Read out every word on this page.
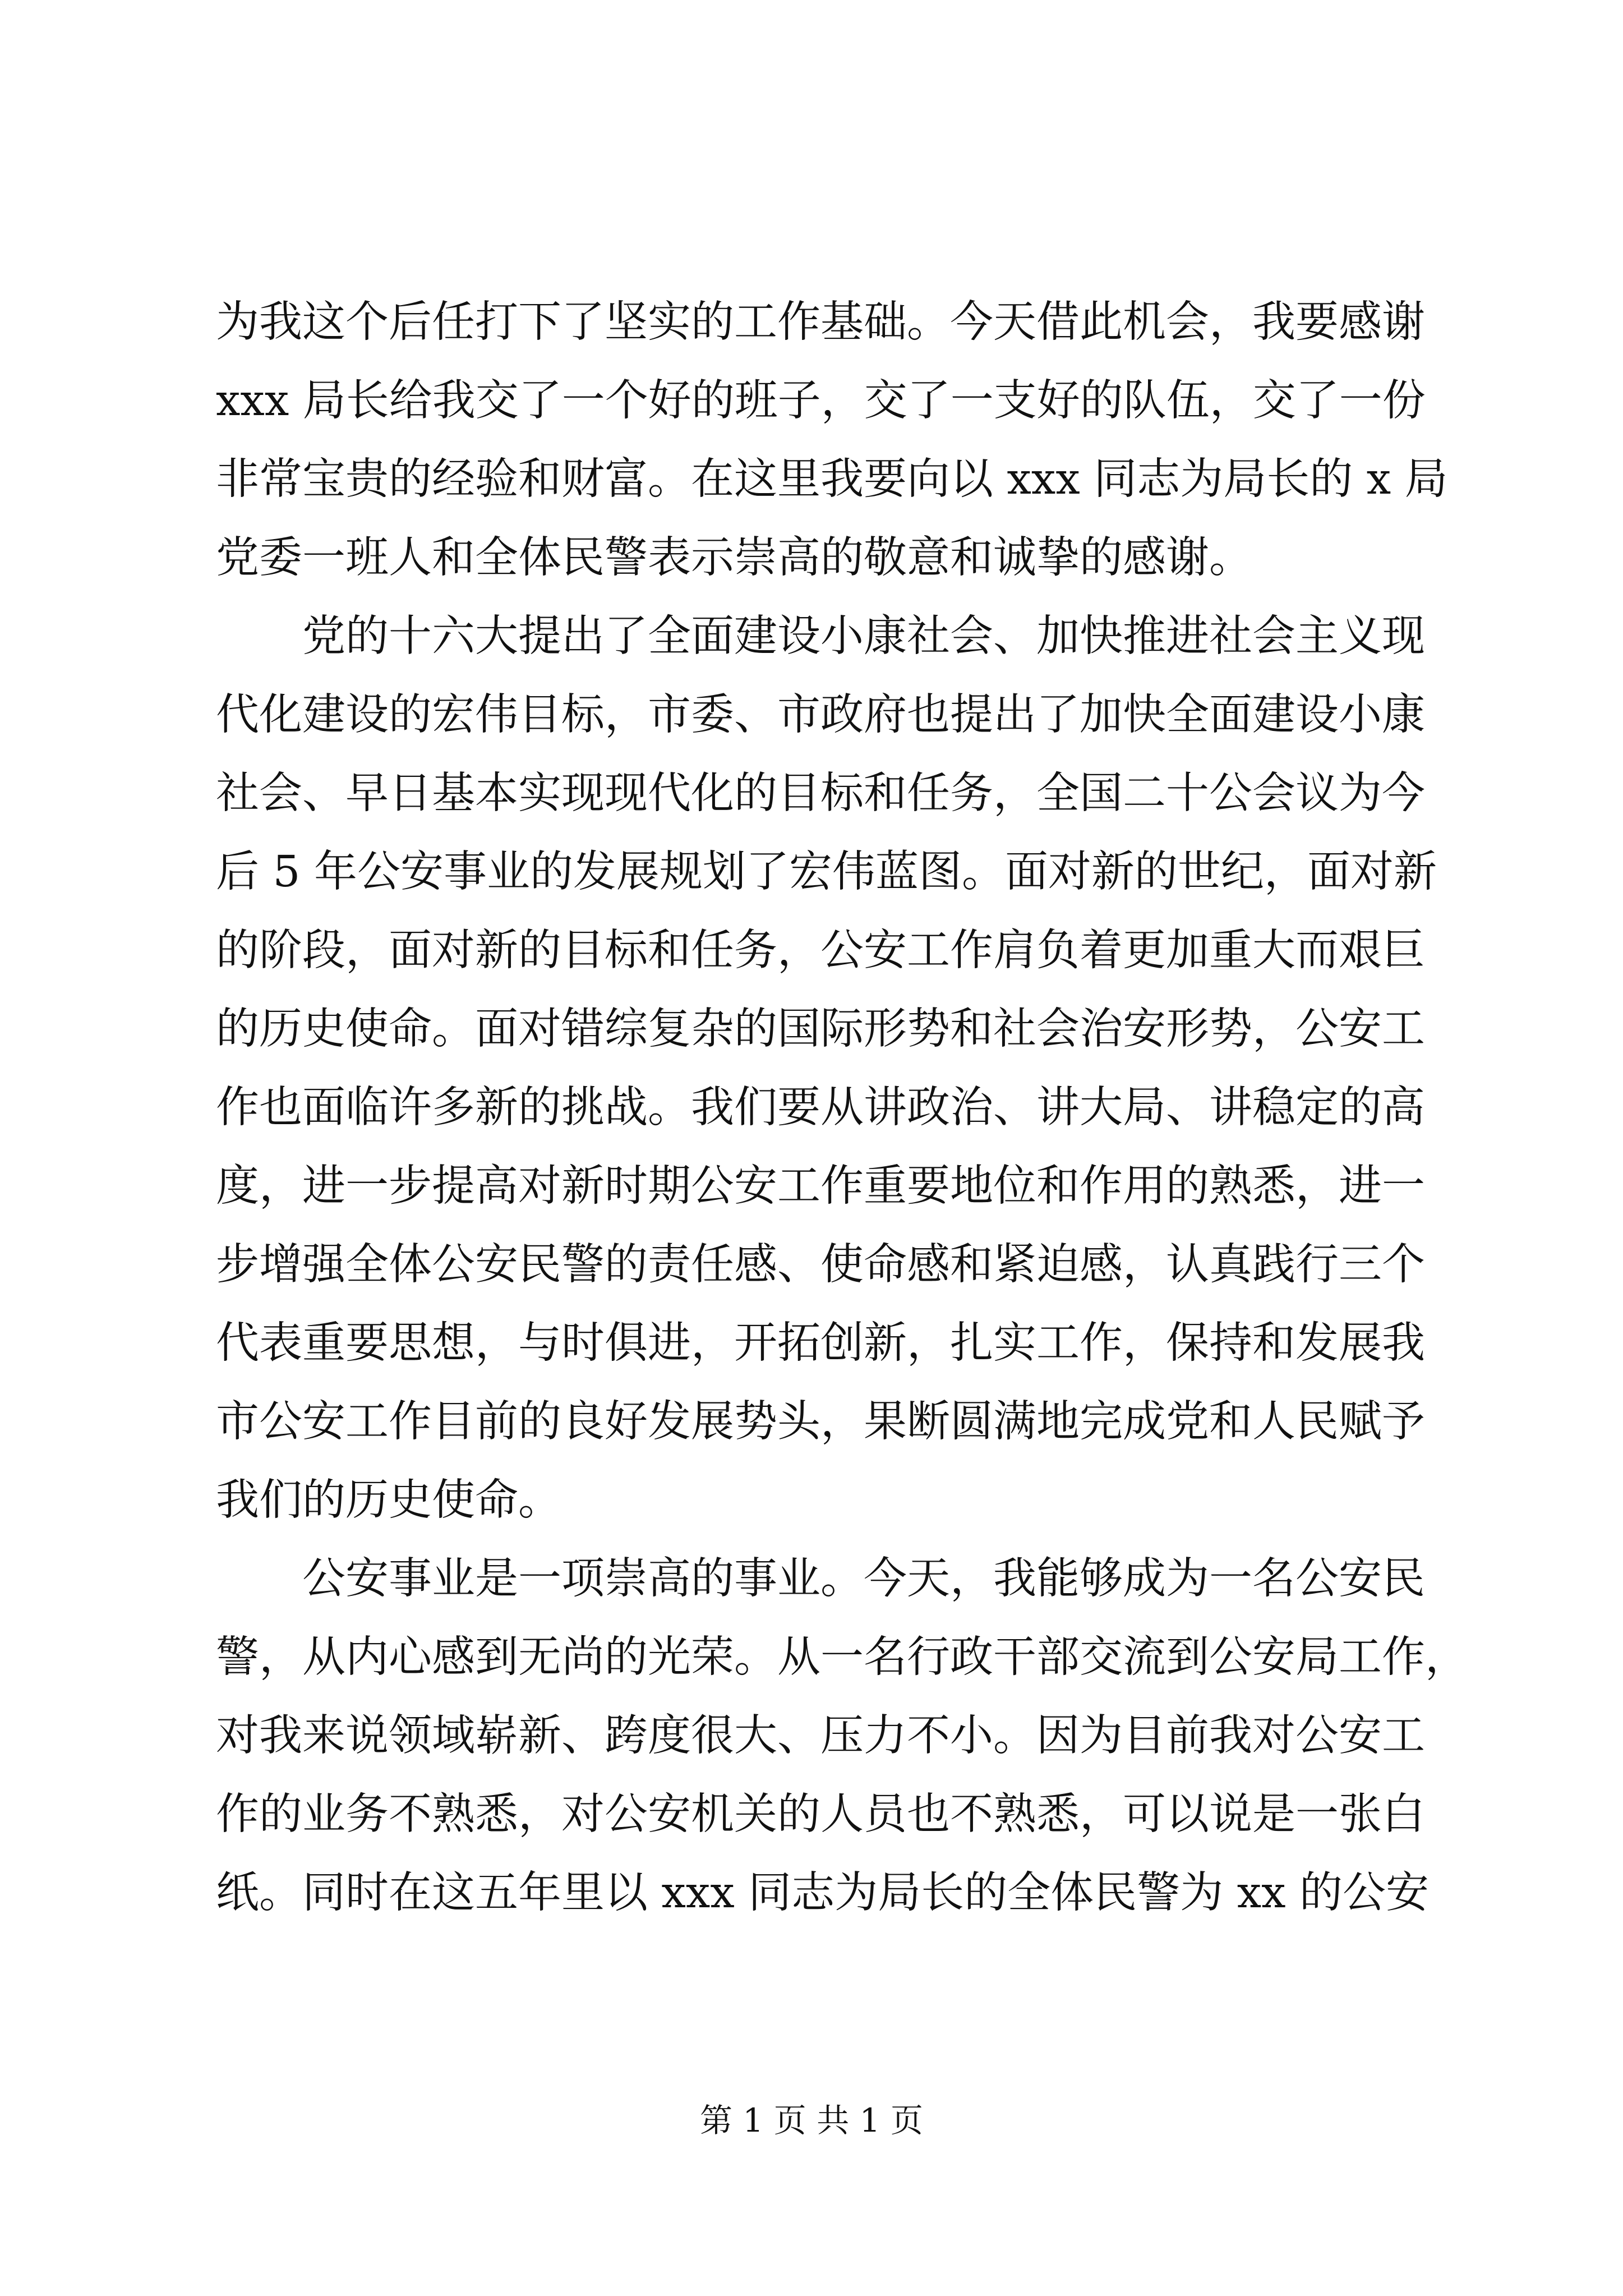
为我这个后任打下了坚实的工作基础。今天借此机会，我要感谢
xxx 局长给我交了一个好的班子，交了一支好的队伍，交了一份
非常宝贵的经验和财富。在这里我要向以 xxx 同志为局长的 x 局
党委一班人和全体民警表示崇高的敬意和诚挚的感谢。
党的十六大提出了全面建设小康社会、加快推进社会主义现
代化建设的宏伟目标，市委、市政府也提出了加快全面建设小康
社会、早日基本实现现代化的目标和任务，全国二十公会议为今
后 5 年公安事业的发展规划了宏伟蓝图。面对新的世纪，面对新
的阶段，面对新的目标和任务，公安工作肩负着更加重大而艰巨
的历史使命。面对错综复杂的国际形势和社会治安形势，公安工
作也面临许多新的挑战。我们要从讲政治、讲大局、讲稳定的高
度，进一步提高对新时期公安工作重要地位和作用的熟悉，进一
步增强全体公安民警的责任感、使命感和紧迫感，认真践行三个
代表重要思想，与时俱进，开拓创新，扎实工作，保持和发展我
市公安工作目前的良好发展势头，果断圆满地完成党和人民赋予
我们的历史使命。
公安事业是一项崇高的事业。今天，我能够成为一名公安民
警，从内心感到无尚的光荣。从一名行政干部交流到公安局工作，
对我来说领域崭新、跨度很大、压力不小。因为目前我对公安工
作的业务不熟悉，对公安机关的人员也不熟悉，可以说是一张白
纸。同时在这五年里以 xxx 同志为局长的全体民警为 xx 的公安
第 1 页 共 1 页
